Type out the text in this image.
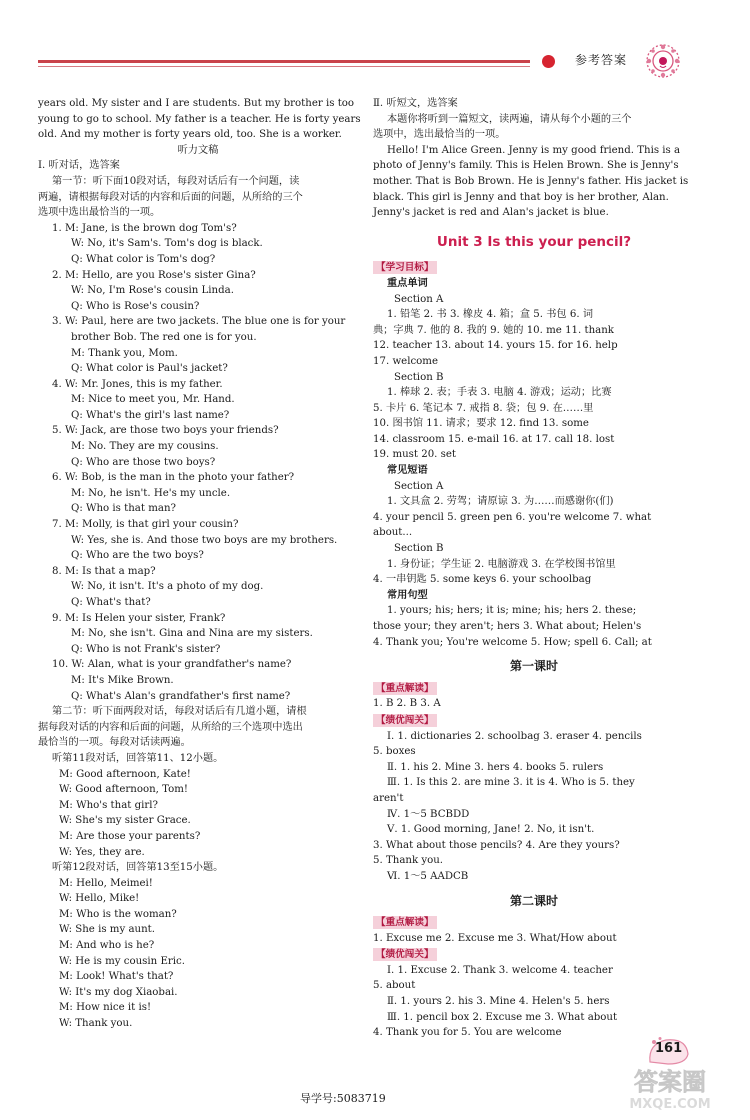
参考答案
years old. My sister and I are students. But my brother is too
young to go to school. My father is a teacher. He is forty years
old. And my mother is forty years old, too. She is a worker.
听力文稿
Ⅰ. 听对话，选答案
第一节：听下面10段对话，每段对话后有一个问题，读
两遍，请根据每段对话的内容和后面的问题，从所给的三个
选项中选出最恰当的一项。
1. M: Jane, is the brown dog Tom's?
W: No, it's Sam's. Tom's dog is black.
Q: What color is Tom's dog?
2. M: Hello, are you Rose's sister Gina?
W: No, I'm Rose's cousin Linda.
Q: Who is Rose's cousin?
3. W: Paul, here are two jackets. The blue one is for your
brother Bob. The red one is for you.
M: Thank you, Mom.
Q: What color is Paul's jacket?
4. W: Mr. Jones, this is my father.
M: Nice to meet you, Mr. Hand.
Q: What's the girl's last name?
5. W: Jack, are those two boys your friends?
M: No. They are my cousins.
Q: Who are those two boys?
6. W: Bob, is the man in the photo your father?
M: No, he isn't. He's my uncle.
Q: Who is that man?
7. M: Molly, is that girl your cousin?
W: Yes, she is. And those two boys are my brothers.
Q: Who are the two boys?
8. M: Is that a map?
W: No, it isn't. It's a photo of my dog.
Q: What's that?
9. M: Is Helen your sister, Frank?
M: No, she isn't. Gina and Nina are my sisters.
Q: Who is not Frank's sister?
10. W: Alan, what is your grandfather's name?
M: It's Mike Brown.
Q: What's Alan's grandfather's first name?
第二节：听下面两段对话，每段对话后有几道小题，请根
据每段对话的内容和后面的问题，从所给的三个选项中选出
最恰当的一项。每段对话读两遍。
听第11段对话，回答第11、12小题。
M: Good afternoon, Kate!
W: Good afternoon, Tom!
M: Who's that girl?
W: She's my sister Grace.
M: Are those your parents?
W: Yes, they are.
听第12段对话，回答第13至15小题。
M: Hello, Meimei!
W: Hello, Mike!
M: Who is the woman?
W: She is my aunt.
M: And who is he?
W: He is my cousin Eric.
M: Look! What's that?
W: It's my dog Xiaobai.
M: How nice it is!
W: Thank you.
Ⅱ. 听短文，选答案
本题你将听到一篇短文，读两遍，请从每个小题的三个
选项中，选出最恰当的一项。
Hello! I'm Alice Green. Jenny is my good friend. This is a
photo of Jenny's family. This is Helen Brown. She is Jenny's
mother. That is Bob Brown. He is Jenny's father. His jacket is
black. This girl is Jenny and that boy is her brother, Alan.
Jenny's jacket is red and Alan's jacket is blue.
Unit 3 Is this your pencil?
【学习目标】
重点单词
Section A
1. 铅笔 2. 书 3. 橡皮 4. 箱；盒 5. 书包 6. 词
典；字典 7. 他的 8. 我的 9. 她的 10. me 11. thank
12. teacher 13. about 14. yours 15. for 16. help
17. welcome
Section B
1. 棒球 2. 表；手表 3. 电脑 4. 游戏；运动；比赛
5. 卡片 6. 笔记本 7. 戒指 8. 袋；包 9. 在……里
10. 图书馆 11. 请求；要求 12. find 13. some
14. classroom 15. e-mail 16. at 17. call 18. lost
19. must 20. set
常见短语
Section A
1. 文具盒 2. 劳驾；请原谅 3. 为……而感谢你(们)
4. your pencil 5. green pen 6. you're welcome 7. what
about...
Section B
1. 身份证；学生证 2. 电脑游戏 3. 在学校图书馆里
4. 一串钥匙 5. some keys 6. your schoolbag
常用句型
1. yours; his; hers; it is; mine; his; hers 2. these;
those your; they aren't; hers 3. What about; Helen's
4. Thank you; You're welcome 5. How; spell 6. Call; at
第一课时
【重点解读】
1. B 2. B 3. A
【绩优闯关】
Ⅰ. 1. dictionaries 2. schoolbag 3. eraser 4. pencils
5. boxes
Ⅱ. 1. his 2. Mine 3. hers 4. books 5. rulers
Ⅲ. 1. Is this 2. are mine 3. it is 4. Who is 5. they
aren't
Ⅳ. 1～5 BCBDD
Ⅴ. 1. Good morning, Jane! 2. No, it isn't.
3. What about those pencils? 4. Are they yours?
5. Thank you.
Ⅵ. 1～5 AADCB
第二课时
【重点解读】
1. Excuse me 2. Excuse me 3. What/How about
【绩优闯关】
Ⅰ. 1. Excuse 2. Thank 3. welcome 4. teacher
5. about
Ⅱ. 1. yours 2. his 3. Mine 4. Helen's 5. hers
Ⅲ. 1. pencil box 2. Excuse me 3. What about
4. Thank you for 5. You are welcome
161
导学号:5083719
答案圈
MXQE.COM
